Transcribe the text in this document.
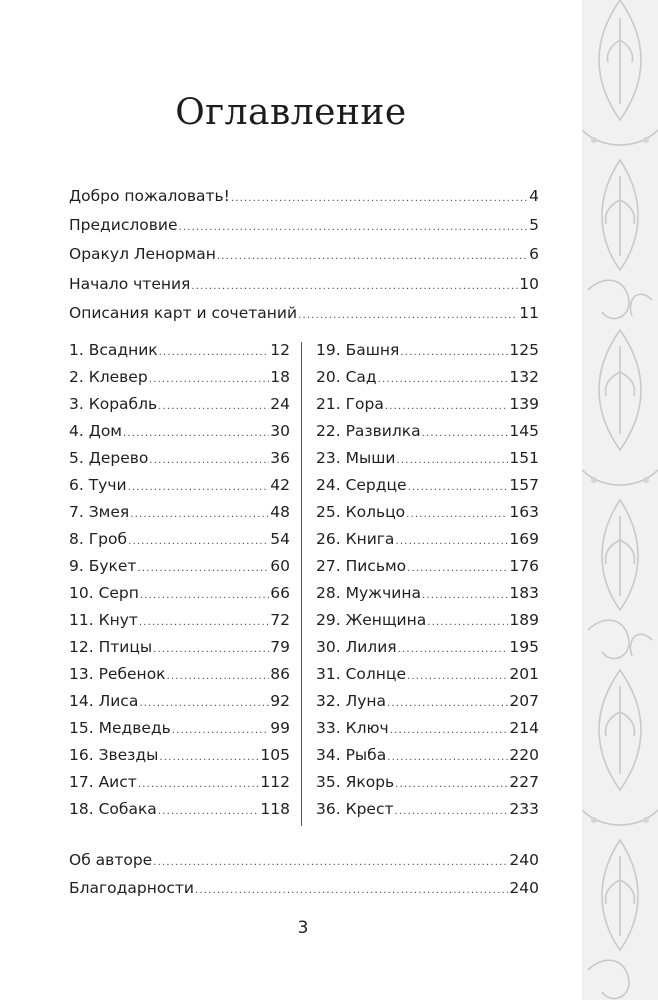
Оглавление
Добро пожаловать! .....	4
Предисловие .....	5
Оракул Ленорман .....	6
Начало чтения .....	10
Описания карт и сочетаний .....	11
1. Всадник .....	12
2. Клевер .....	18
3. Корабль .....	24
4. Дом .....	30
5. Дерево .....	36
6. Тучи .....	42
7. Змея .....	48
8. Гроб .....	54
9. Букет .....	60
10. Серп .....	66
11. Кнут .....	72
12. Птицы .....	79
13. Ребенок .....	86
14. Лиса .....	92
15. Медведь .....	99
16. Звезды .....	105
17. Аист .....	112
18. Собака .....	118
19. Башня .....	125
20. Сад .....	132
21. Гора .....	139
22. Развилка .....	145
23. Мыши .....	151
24. Сердце .....	157
25. Кольцо .....	163
26. Книга .....	169
27. Письмо .....	176
28. Мужчина .....	183
29. Женщина .....	189
30. Лилия .....	195
31. Солнце .....	201
32. Луна .....	207
33. Ключ .....	214
34. Рыба .....	220
35. Якорь .....	227
36. Крест .....	233
Об авторе .....	240
Благодарности .....	240
3
